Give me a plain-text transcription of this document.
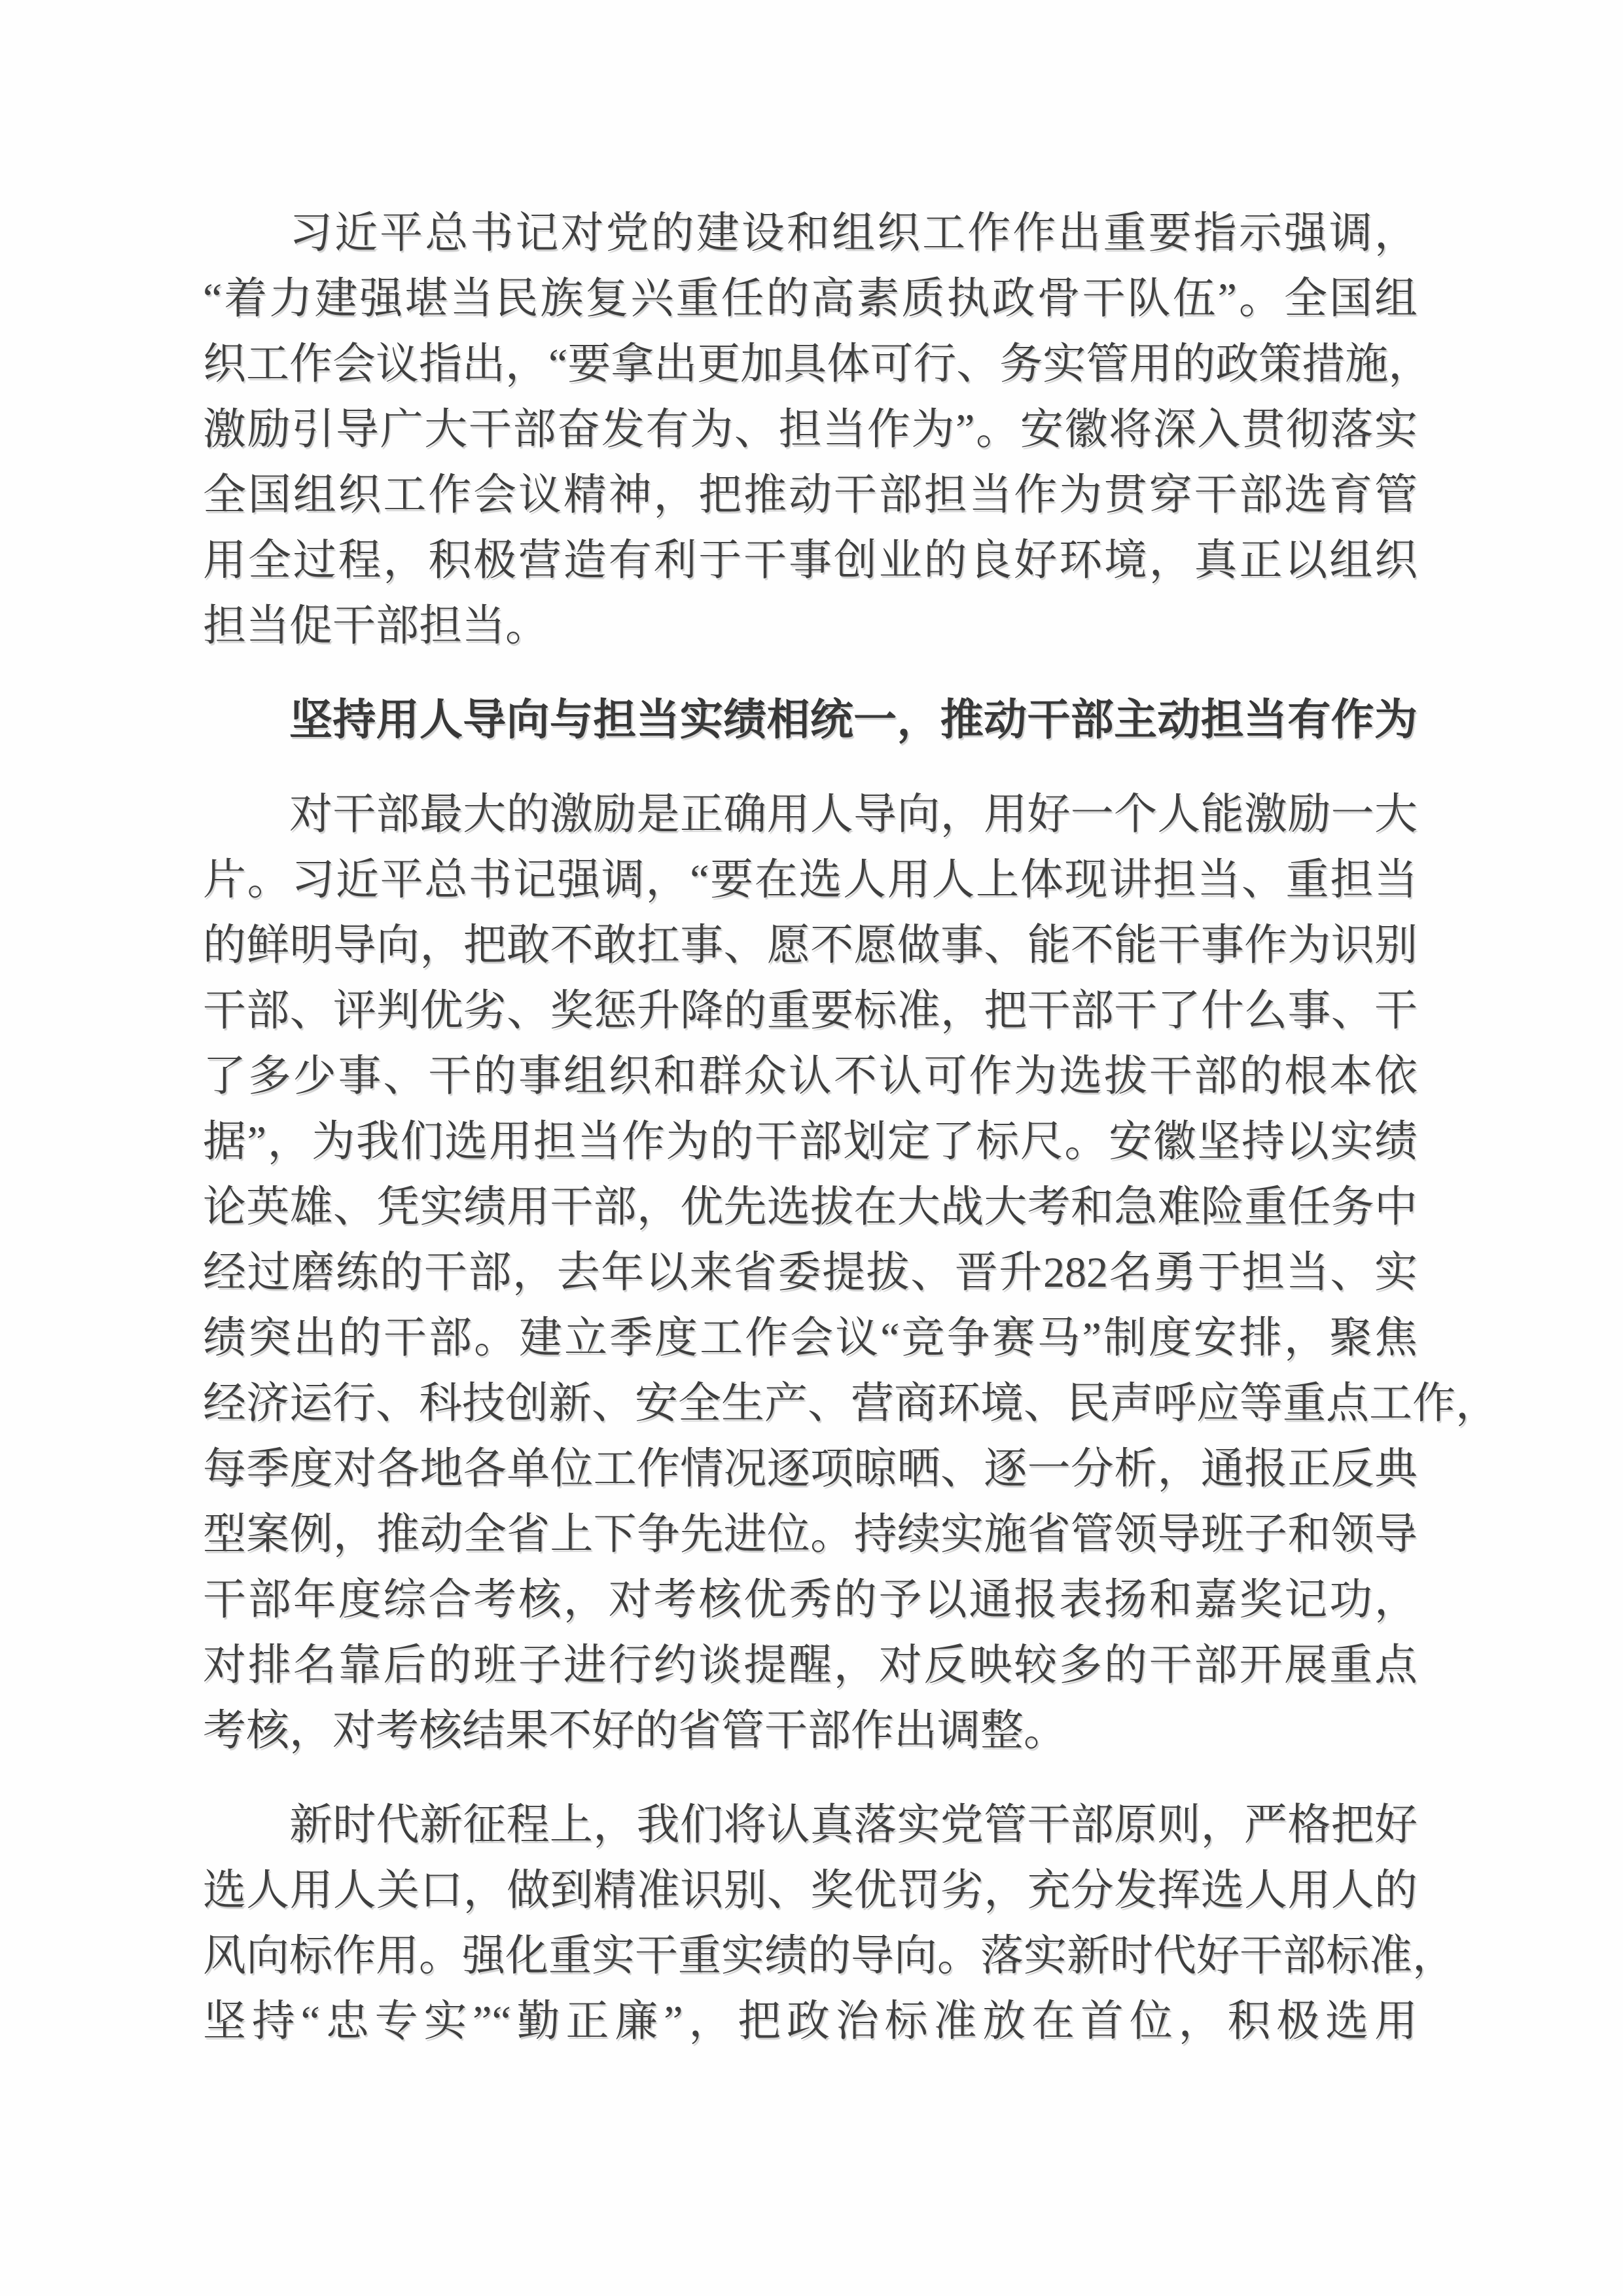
习近平总书记对党的建设和组织工作作出重要指示强调，
“着力建强堪当民族复兴重任的高素质执政骨干队伍”。全国组
织工作会议指出，“要拿出更加具体可行、务实管用的政策措施，
激励引导广大干部奋发有为、担当作为”。安徽将深入贯彻落实
全国组织工作会议精神，把推动干部担当作为贯穿干部选育管
用全过程，积极营造有利于干事创业的良好环境，真正以组织
担当促干部担当。
坚持用人导向与担当实绩相统一，推动干部主动担当有作为
对干部最大的激励是正确用人导向，用好一个人能激励一大
片。习近平总书记强调，“要在选人用人上体现讲担当、重担当
的鲜明导向，把敢不敢扛事、愿不愿做事、能不能干事作为识别
干部、评判优劣、奖惩升降的重要标准，把干部干了什么事、干
了多少事、干的事组织和群众认不认可作为选拔干部的根本依
据”，为我们选用担当作为的干部划定了标尺。安徽坚持以实绩
论英雄、凭实绩用干部，优先选拔在大战大考和急难险重任务中
经过磨练的干部，去年以来省委提拔、晋升282名勇于担当、实
绩突出的干部。建立季度工作会议“竞争赛马”制度安排，聚焦
经济运行、科技创新、安全生产、营商环境、民声呼应等重点工作，
每季度对各地各单位工作情况逐项晾晒、逐一分析，通报正反典
型案例，推动全省上下争先进位。持续实施省管领导班子和领导
干部年度综合考核，对考核优秀的予以通报表扬和嘉奖记功，
对排名靠后的班子进行约谈提醒，对反映较多的干部开展重点
考核，对考核结果不好的省管干部作出调整。
新时代新征程上，我们将认真落实党管干部原则，严格把好
选人用人关口，做到精准识别、奖优罚劣，充分发挥选人用人的
风向标作用。强化重实干重实绩的导向。落实新时代好干部标准，
坚持“忠专实”“勤正廉”，把政治标准放在首位，积极选用
